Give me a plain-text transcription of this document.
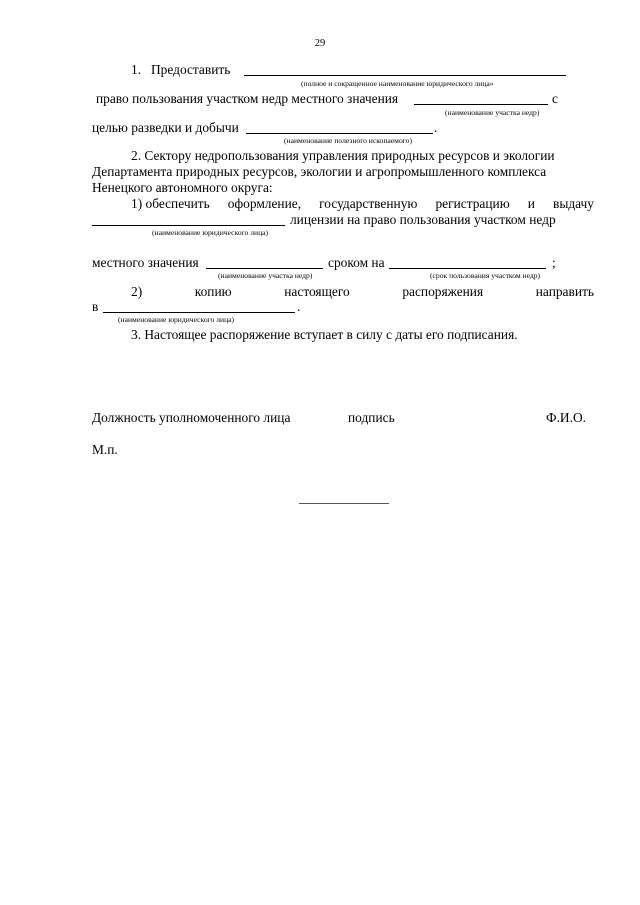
29
1. Предоставить
(полное и сокращенное наименование юридического лица»
право пользования участком недр местного значения	с
(наименование участка недр)
целью разведки и добычи	.
(наименование полезного ископаемого)
2. Сектору недропользования управления природных ресурсов и экологии
Департамента природных ресурсов, экологии и агропромышленного комплекса
Ненецкого автономного округа:
1) обеспечить оформление, государственную регистрацию и выдачу
лицензии на право пользования участком недр
(наименование юридического лица)
местного значения	сроком на	;
(наименование участка недр)	(срок пользования участком недр)
2)	копию	настоящего	распоряжения	направить
в	.
(наименование юридического лица)
3. Настоящее распоряжение вступает в силу с даты его подписания.
Должность уполномоченного лица	подпись	Ф.И.О.
М.п.
